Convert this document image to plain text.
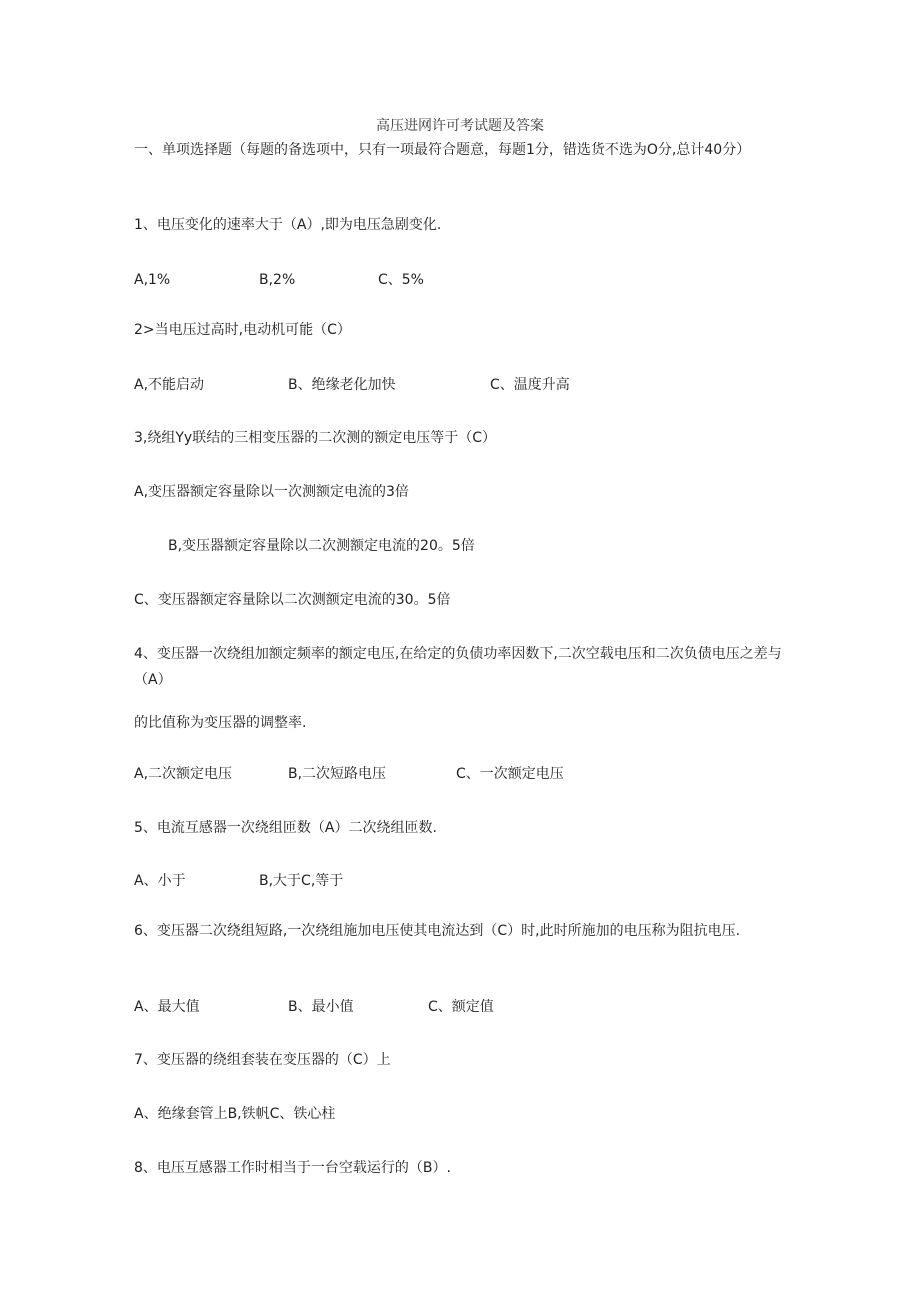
高压进网许可考试题及答案
一、单项选择题（每题的备选项中，只有一项最符合题意，每题1分，错选货不选为O分,总计40分）
1、电压变化的速率大于（A）,即为电压急剧变化.
A,1%	B,2%	C、5%
2>当电压过高时,电动机可能（C）
A,不能启动	B、绝缘老化加快	C、温度升高
3,绕组Yy联结的三相变压器的二次测的额定电压等于（C）
A,变压器额定容量除以一次测额定电流的3倍
B,变压器额定容量除以二次测额定电流的20。5倍
C、变压器额定容量除以二次测额定电流的30。5倍
4、变压器一次绕组加额定频率的额定电压,在给定的负债功率因数下,二次空载电压和二次负债电压之差与（A）
的比值称为变压器的调整率.
A,二次额定电压	B,二次短路电压	C、一次额定电压
5、电流互感器一次绕组匝数（A）二次绕组匝数.
A、小于	B,大于C,等于
6、变压器二次绕组短路,一次绕组施加电压使其电流达到（C）时,此时所施加的电压称为阻抗电压.
A、最大值	B、最小值	C、额定值
7、变压器的绕组套装在变压器的（C）上
A、绝缘套管上B,铁帆C、铁心柱
8、电压互感器工作时相当于一台空载运行的（B）.
